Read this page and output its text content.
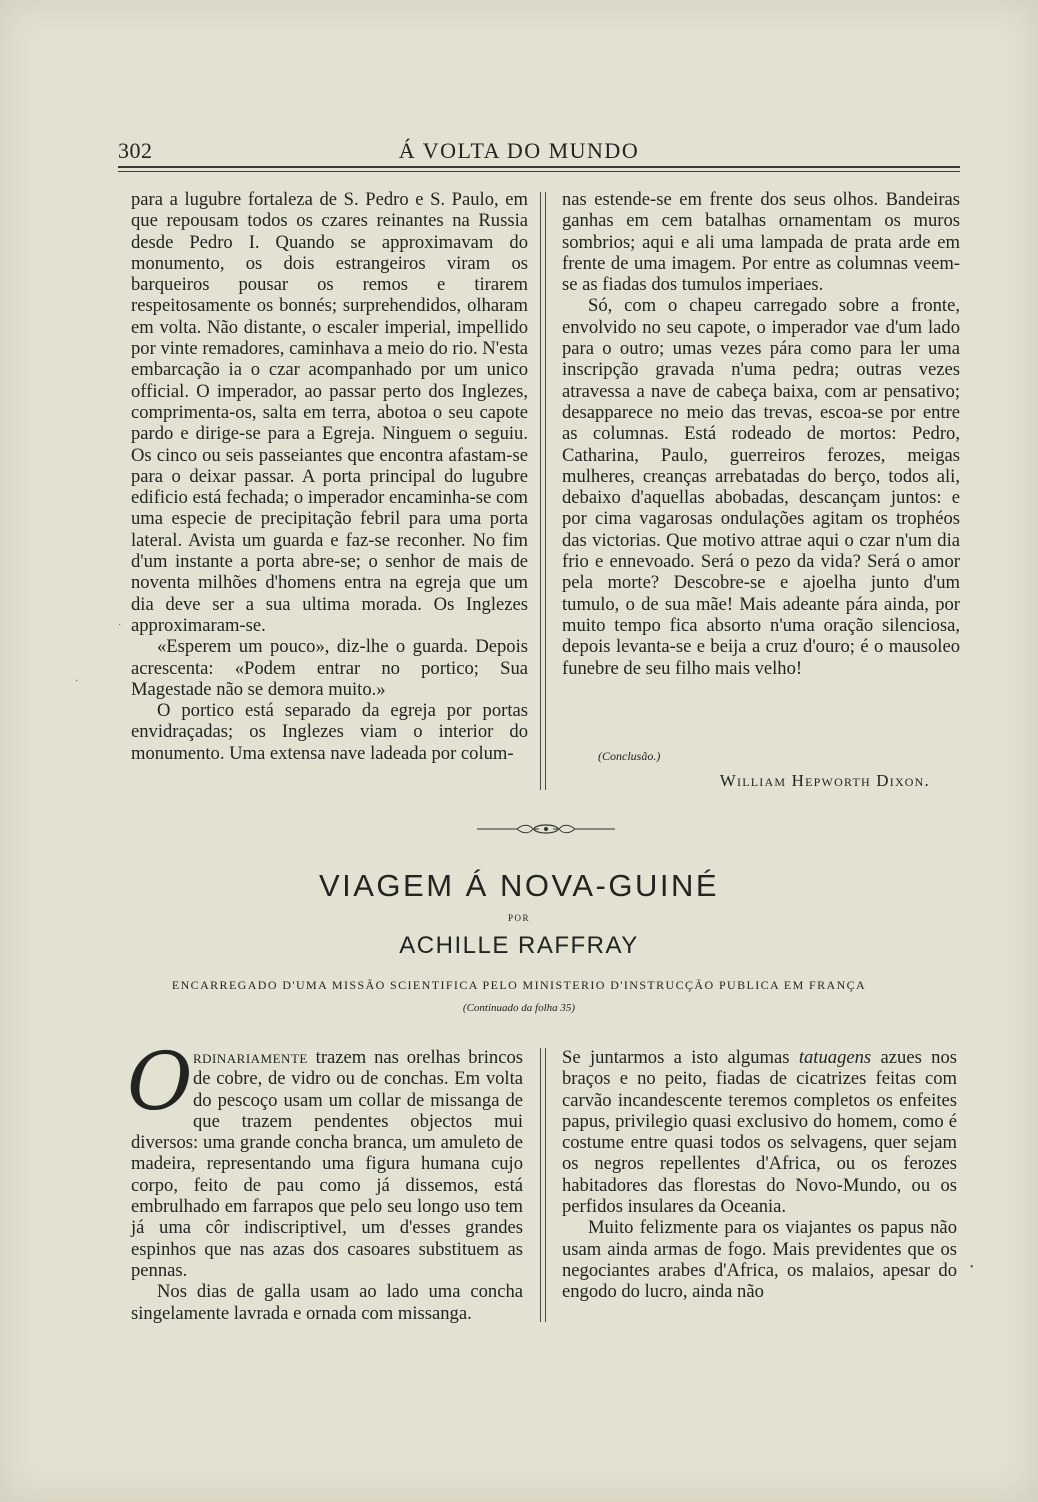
302	Á VOLTA DO MUNDO

para a lugubre fortaleza de S. Pedro e S. Paulo, em que repousam todos os czares reinantes na Russia desde Pedro I. Quando se approximavam do monumento, os dois estrangeiros viram os barqueiros pousar os remos e tirarem respeitosamente os bonnés; surprehendidos, olharam em volta. Não distante, o escaler imperial, impellido por vinte remadores, caminhava a meio do rio. N'esta embarcação ia o czar acompanhado por um unico official. O imperador, ao passar perto dos Inglezes, comprimenta-os, salta em terra, abotoa o seu capote pardo e dirige-se para a Egreja. Ninguem o seguiu. Os cinco ou seis passeiantes que encontra afastam-se para o deixar passar. A porta principal do lugubre edificio está fechada; o imperador encaminha-se com uma especie de precipitação febril para uma porta lateral. Avista um guarda e faz-se reconher. No fim d'um instante a porta abre-se; o senhor de mais de noventa milhões d'homens entra na egreja que um dia deve ser a sua ultima morada. Os Inglezes approximaram-se.

«Esperem um pouco», diz-lhe o guarda. Depois acrescenta: «Podem entrar no portico; Sua Magestade não se demora muito.»

O portico está separado da egreja por portas envidraçadas; os Inglezes viam o interior do monumento. Uma extensa nave ladeada por colum-

nas estende-se em frente dos seus olhos. Bandeiras ganhas em cem batalhas ornamentam os muros sombrios; aqui e ali uma lampada de prata arde em frente de uma imagem. Por entre as columnas veem-se as fiadas dos tumulos imperiaes.

Só, com o chapeu carregado sobre a fronte, envolvido no seu capote, o imperador vae d'um lado para o outro; umas vezes pára como para ler uma inscripção gravada n'uma pedra; outras vezes atravessa a nave de cabeça baixa, com ar pensativo; desapparece no meio das trevas, escoa-se por entre as columnas. Está rodeado de mortos: Pedro, Catharina, Paulo, guerreiros ferozes, meigas mulheres, creanças arrebatadas do berço, todos ali, debaixo d'aquellas abobadas, descançam juntos: e por cima vagarosas ondulações agitam os trophéos das victorias. Que motivo attrae aqui o czar n'um dia frio e ennevoado. Será o pezo da vida? Será o amor pela morte? Descobre-se e ajoelha junto d'um tumulo, o de sua mãe! Mais adeante pára ainda, por muito tempo fica absorto n'uma oração silenciosa, depois levanta-se e beija a cruz d'ouro; é o mausoleo funebre de seu filho mais velho!

(Conclusão.)
William Hepworth Dixon.
VIAGEM Á NOVA-GUINÉ
POR
ACHILLE RAFFRAY
ENCARREGADO D'UMA MISSÃO SCIENTIFICA PELO MINISTERIO D'INSTRUCÇÃO PUBLICA EM FRANÇA
(Continuado da folha 35)
O rdinariamente trazem nas orelhas brincos de cobre, de vidro ou de conchas. Em volta do pescoço usam um collar de missanga de que trazem pendentes objectos mui diversos: uma grande concha branca, um amuleto de madeira, representando uma figura humana cujo corpo, feito de pau como já dissemos, está embrulhado em farrapos que pelo seu longo uso tem já uma côr indiscriptivel, um d'esses grandes espinhos que nas azas dos casoares substituem as pennas.

Nos dias de galla usam ao lado uma concha singelamente lavrada e ornada com missanga.

Se juntarmos a isto algumas tatuagens azues nos braços e no peito, fiadas de cicatrizes feitas com carvão incandescente teremos completos os enfeites papus, privilegio quasi exclusivo do homem, como é costume entre quasi todos os selvagens, quer sejam os negros repellentes d'Africa, ou os ferozes habitadores das florestas do Novo-Mundo, ou os perfidos insulares da Oceania.

Muito felizmente para os viajantes os papus não usam ainda armas de fogo. Mais previdentes que os negociantes arabes d'Africa, os malaios, apesar do engodo do lucro, ainda não

·
·
•
